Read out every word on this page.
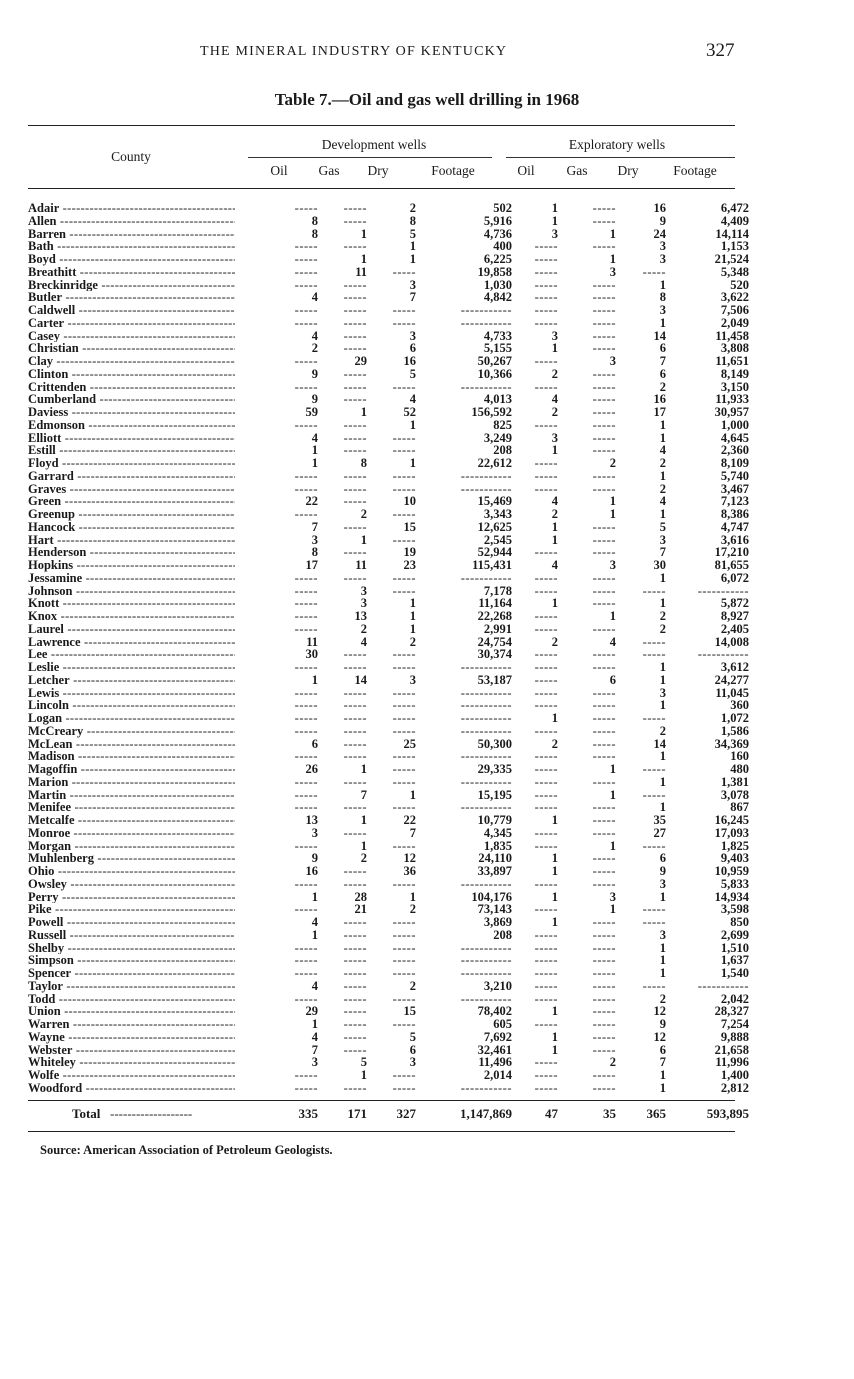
THE MINERAL INDUSTRY OF KENTUCKY	327
Table 7.—Oil and gas well drilling in 1968
County
Development wells	Exploratory wells
Oil Gas Dry	Footage	Oil Gas Dry	Footage
Adair -----	-----	-----	2	502	1	-----	16	6,472
Allen -----	8	-----	8	5,916	1	-----	9	4,409
Barren -----	8	1	5	4,736	3	1	24	14,114
Bath -----	-----	-----	1	400	-----	-----	3	1,153
Boyd -----	-----	1	1	6,225	-----	1	3	21,524
Breathitt -----	-----	11	-----	19,858	-----	3	-----	5,348
Breckinridge -----	-----	-----	3	1,030	-----	-----	1	520
Butler -----	4	-----	7	4,842	-----	-----	8	3,622
Caldwell -----	-----	-----	-----	-----------	-----	-----	3	7,506
Carter -----	-----	-----	-----	-----------	-----	-----	1	2,049
Casey -----	4	-----	3	4,733	3	-----	14	11,458
Christian -----	2	-----	6	5,155	1	-----	6	3,808
Clay -----	-----	29	16	50,267	-----	3	7	11,651
Clinton -----	9	-----	5	10,366	2	-----	6	8,149
Crittenden -----	-----	-----	-----	-----------	-----	-----	2	3,150
Cumberland -----	9	-----	4	4,013	4	-----	16	11,933
Daviess -----	59	1	52	156,592	2	-----	17	30,957
Edmonson -----	-----	-----	1	825	-----	-----	1	1,000
Elliott -----	4	-----	-----	3,249	3	-----	1	4,645
Estill -----	1	-----	-----	208	1	-----	4	2,360
Floyd -----	1	8	1	22,612	-----	2	2	8,109
Garrard -----	-----	-----	-----	-----------	-----	-----	1	5,740
Graves -----	-----	-----	-----	-----------	-----	-----	2	3,467
Green -----	22	-----	10	15,469	4	1	4	7,123
Greenup -----	-----	2	-----	3,343	2	1	1	8,386
Hancock -----	7	-----	15	12,625	1	-----	5	4,747
Hart -----	3	1	-----	2,545	1	-----	3	3,616
Henderson -----	8	-----	19	52,944	-----	-----	7	17,210
Hopkins -----	17	11	23	115,431	4	3	30	81,655
Jessamine -----	-----	-----	-----	-----------	-----	-----	1	6,072
Johnson -----	-----	3	-----	7,178	-----	-----	-----	-----------
Knott -----	-----	3	1	11,164	1	-----	1	5,872
Knox -----	-----	13	1	22,268	-----	1	2	8,927
Laurel -----	-----	2	1	2,991	-----	-----	2	2,405
Lawrence -----	11	4	2	24,754	2	4	-----	14,008
Lee -----	30	-----	-----	30,374	-----	-----	-----	-----------
Leslie -----	-----	-----	-----	-----------	-----	-----	1	3,612
Letcher -----	1	14	3	53,187	-----	6	1	24,277
Lewis -----	-----	-----	-----	-----------	-----	-----	3	11,045
Lincoln -----	-----	-----	-----	-----------	-----	-----	1	360
Logan -----	-----	-----	-----	-----------	1	-----	-----	1,072
McCreary -----	-----	-----	-----	-----------	-----	-----	2	1,586
McLean -----	6	-----	25	50,300	2	-----	14	34,369
Madison -----	-----	-----	-----	-----------	-----	-----	1	160
Magoffin -----	26	1	-----	29,335	-----	1	-----	480
Marion -----	-----	-----	-----	-----------	-----	-----	1	1,381
Martin -----	-----	7	1	15,195	-----	1	-----	3,078
Menifee -----	-----	-----	-----	-----------	-----	-----	1	867
Metcalfe -----	13	1	22	10,779	1	-----	35	16,245
Monroe -----	3	-----	7	4,345	-----	-----	27	17,093
Morgan -----	-----	1	-----	1,835	-----	1	-----	1,825
Muhlenberg -----	9	2	12	24,110	1	-----	6	9,403
Ohio -----	16	-----	36	33,897	1	-----	9	10,959
Owsley -----	-----	-----	-----	-----------	-----	-----	3	5,833
Perry -----	1	28	1	104,176	1	3	1	14,934
Pike -----	-----	21	2	73,143	-----	1	-----	3,598
Powell -----	4	-----	-----	3,869	1	-----	-----	850
Russell -----	1	-----	-----	208	-----	-----	3	2,699
Shelby -----	-----	-----	-----	-----------	-----	-----	1	1,510
Simpson -----	-----	-----	-----	-----------	-----	-----	1	1,637
Spencer -----	-----	-----	-----	-----------	-----	-----	1	1,540
Taylor -----	4	-----	2	3,210	-----	-----	-----	-----------
Todd -----	-----	-----	-----	-----------	-----	-----	2	2,042
Union -----	29	-----	15	78,402	1	-----	12	28,327
Warren -----	1	-----	-----	605	-----	-----	9	7,254
Wayne -----	4	-----	5	7,692	1	-----	12	9,888
Webster -----	7	-----	6	32,461	1	-----	6	21,658
Whiteley -----	3	5	3	11,496	-----	2	7	11,996
Wolfe -----	-----	1	-----	2,014	-----	-----	1	1,400
Woodford -----	-----	-----	-----	-----------	-----	-----	1	2,812
Total -------------------	335	171	327	1,147,869	47	35	365	593,895
Source: American Association of Petroleum Geologists.
